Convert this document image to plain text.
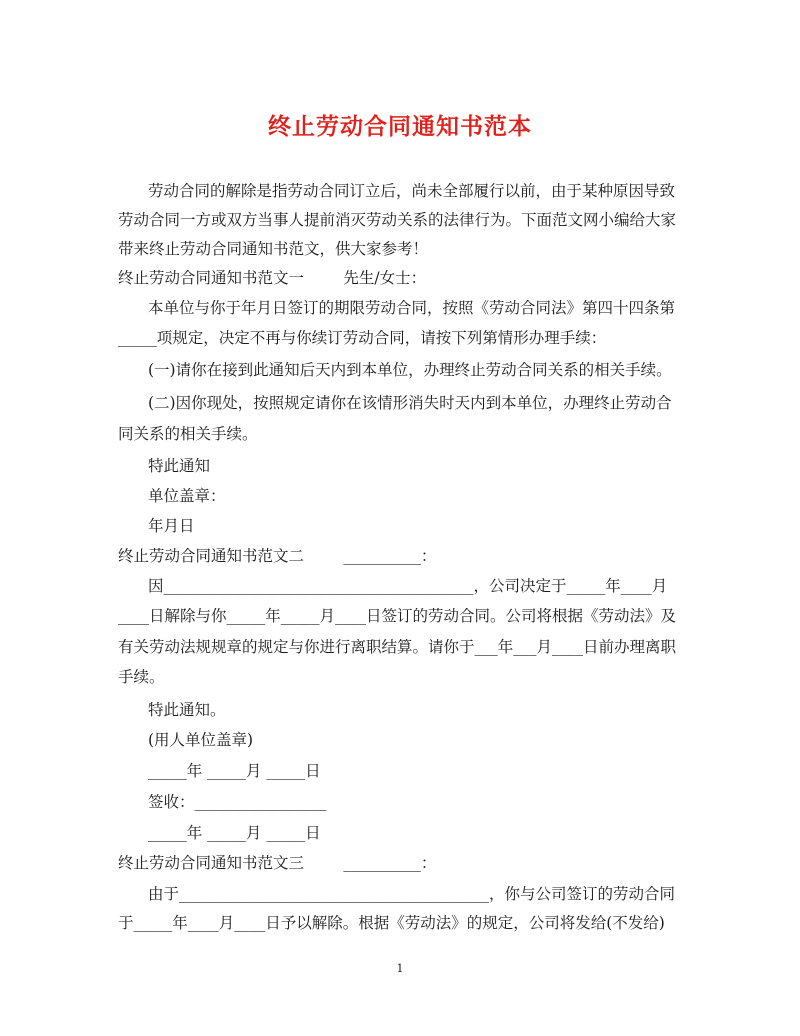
终止劳动合同通知书范本
劳动合同的解除是指劳动合同订立后，尚未全部履行以前，由于某种原因导致
劳动合同一方或双方当事人提前消灭劳动关系的法律行为。下面范文网小编给大家
带来终止劳动合同通知书范文，供大家参考！
终止劳动合同通知书范文一        先生/女士：
本单位与你于年月日签订的期限劳动合同，按照《劳动合同法》第四十四条第
_____项规定，决定不再与你续订劳动合同，请按下列第情形办理手续：
(一)请你在接到此通知后天内到本单位，办理终止劳动合同关系的相关手续。
(二)因你现处，按照规定请你在该情形消失时天内到本单位，办理终止劳动合
同关系的相关手续。
特此通知
单位盖章：
年月日
终止劳动合同通知书范文二        __________：
因________________________________________，公司决定于_____年____月
____日解除与你_____年_____月____日签订的劳动合同。公司将根据《劳动法》及
有关劳动法规规章的规定与你进行离职结算。请你于___年___月____日前办理离职
手续。
特此通知。
(用人单位盖章)
_____年 _____月 _____日
签收：_________________
_____年 _____月 _____日
终止劳动合同通知书范文三        __________：
由于________________________________________，你与公司签订的劳动合同
于_____年____月____日予以解除。根据《劳动法》的规定，公司将发给(不发给)
1
